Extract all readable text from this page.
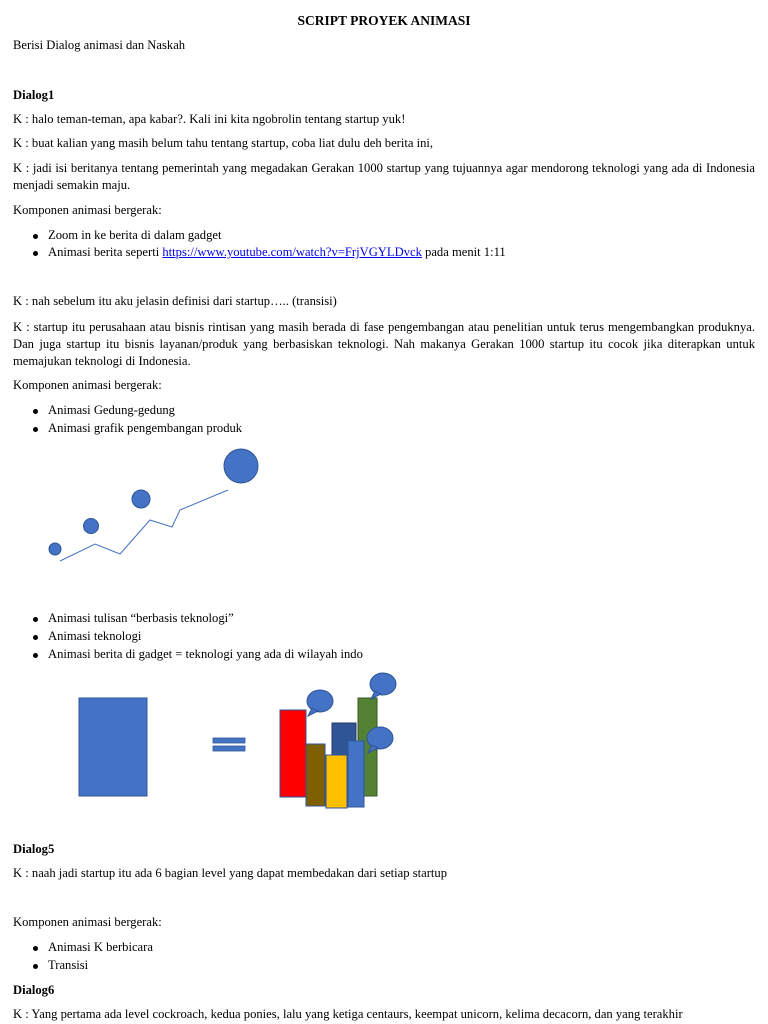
SCRIPT PROYEK ANIMASI
Berisi Dialog animasi dan Naskah
Dialog1
K : halo teman-teman, apa kabar?. Kali ini kita ngobrolin tentang startup yuk!
K : buat kalian yang masih belum tahu tentang startup, coba liat dulu deh berita ini,
K : jadi isi beritanya tentang pemerintah yang megadakan Gerakan 1000 startup yang tujuannya agar mendorong teknologi yang ada di Indonesia menjadi semakin maju.
Komponen animasi bergerak:
Zoom in ke berita di dalam gadget
Animasi berita seperti https://www.youtube.com/watch?v=FrjVGYLDvck pada menit 1:11
K : nah sebelum itu aku jelasin definisi dari startup….. (transisi)
K : startup itu perusahaan atau bisnis rintisan yang masih berada di fase pengembangan atau penelitian untuk terus mengembangkan produknya. Dan juga startup itu bisnis layanan/produk yang berbasiskan teknologi. Nah makanya Gerakan 1000 startup itu cocok jika diterapkan untuk memajukan teknologi di Indonesia.
Komponen animasi bergerak:
Animasi Gedung-gedung
Animasi grafik pengembangan produk
Animasi tulisan “berbasis teknologi”
Animasi teknologi
Animasi berita di gadget = teknologi yang ada di wilayah indo
Dialog5
K : naah jadi startup itu ada 6 bagian level yang dapat membedakan dari setiap startup
Komponen animasi bergerak:
Animasi K berbicara
Transisi
Dialog6
K : Yang pertama ada level cockroach, kedua ponies, lalu yang ketiga centaurs, keempat unicorn, kelima decacorn, dan yang terakhir
